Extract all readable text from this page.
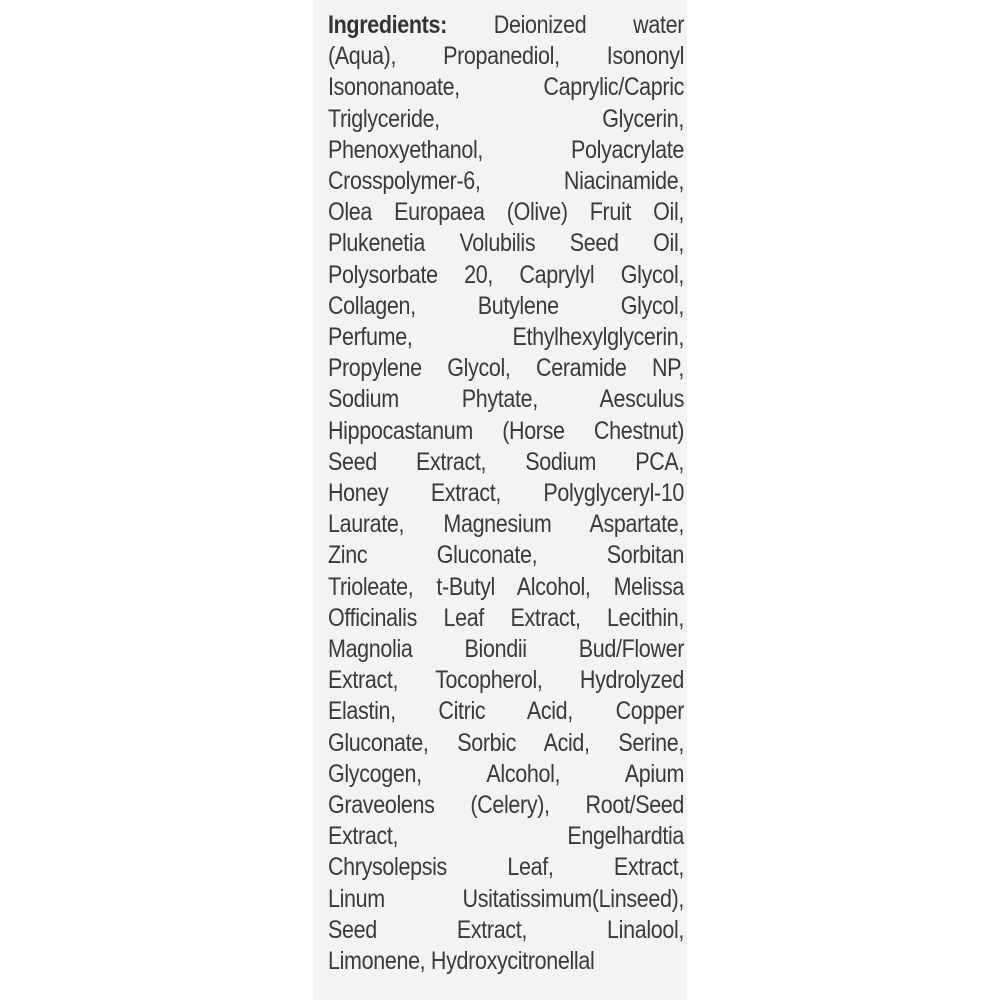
Ingredients: Deionized water
(Aqua), Propanediol, Isononyl
Isononanoate, Caprylic/Capric
Triglyceride, Glycerin,
Phenoxyethanol, Polyacrylate
Crosspolymer-6, Niacinamide,
Olea Europaea (Olive) Fruit Oil,
Plukenetia Volubilis Seed Oil,
Polysorbate 20, Caprylyl Glycol,
Collagen, Butylene Glycol,
Perfume, Ethylhexylglycerin,
Propylene Glycol, Ceramide NP,
Sodium Phytate, Aesculus
Hippocastanum (Horse Chestnut)
Seed Extract, Sodium PCA,
Honey Extract, Polyglyceryl-10
Laurate, Magnesium Aspartate,
Zinc Gluconate, Sorbitan
Trioleate, t-Butyl Alcohol, Melissa
Officinalis Leaf Extract, Lecithin,
Magnolia Biondii Bud/Flower
Extract, Tocopherol, Hydrolyzed
Elastin, Citric Acid, Copper
Gluconate, Sorbic Acid, Serine,
Glycogen, Alcohol, Apium
Graveolens (Celery), Root/Seed
Extract, Engelhardtia
Chrysolepsis Leaf, Extract,
Linum Usitatissimum(Linseed),
Seed Extract, Linalool,
Limonene, Hydroxycitronellal
